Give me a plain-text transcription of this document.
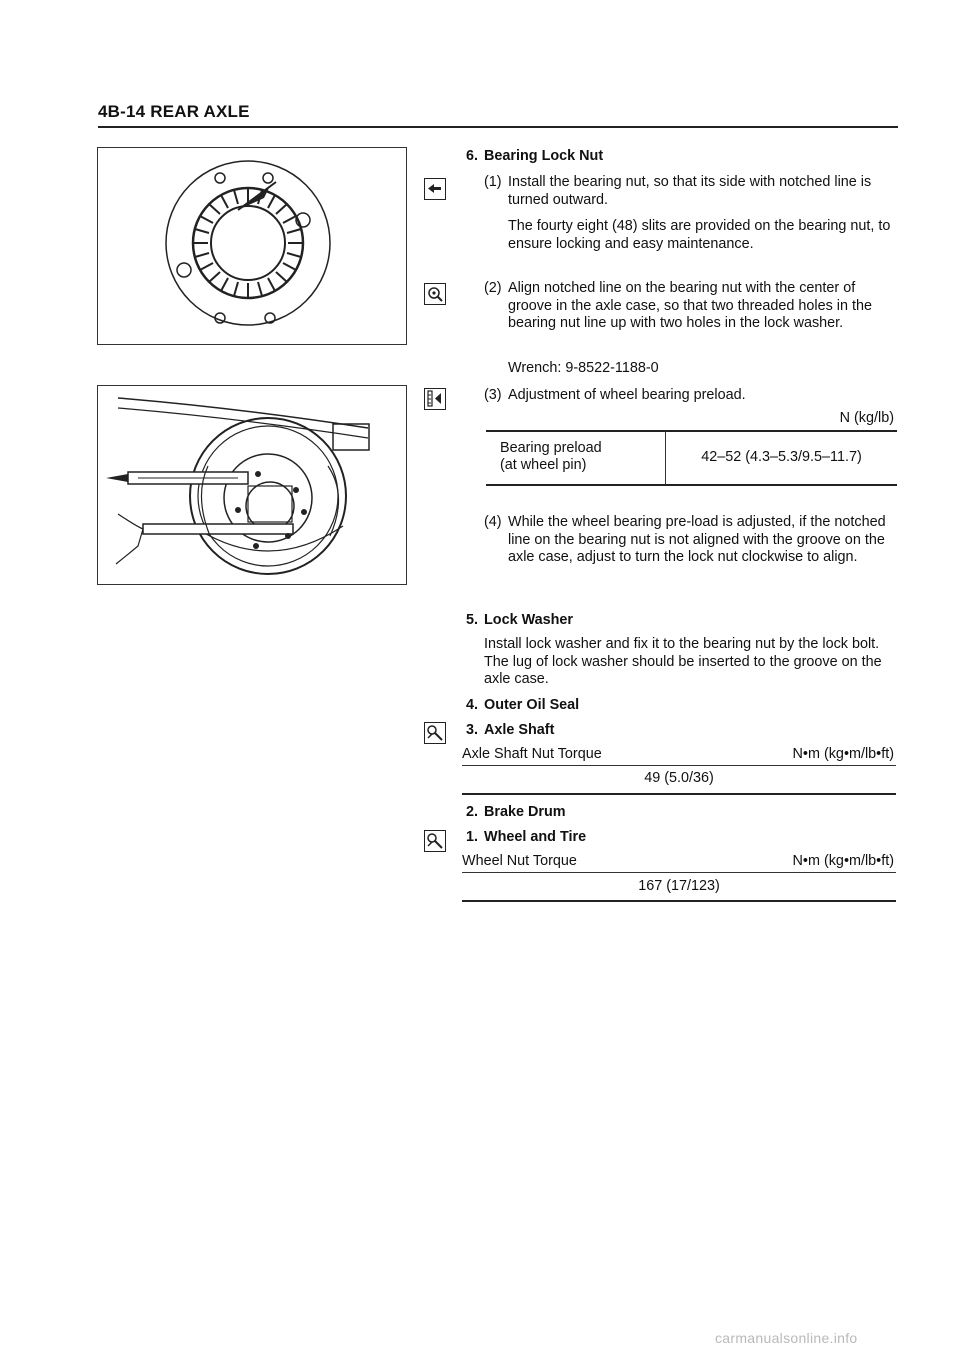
4B-14 REAR AXLE
6. Bearing Lock Nut
(1) Install the bearing nut, so that its side with notched line is turned outward.
The fourty eight (48) slits are provided on the bearing nut, to ensure locking and easy maintenance.
(2) Align notched line on the bearing nut with the center of groove in the axle case, so that two threaded holes in the bearing nut line up with two holes in the lock washer.
Wrench: 9-8522-1188-0
(3) Adjustment of wheel bearing preload.
N (kg/lb)
Bearing preload
(at wheel pin)	42–52 (4.3–5.3/9.5–11.7)
(4) While the wheel bearing pre-load is adjusted, if the notched line on the bearing nut is not aligned with the groove on the axle case, adjust to turn the lock nut clockwise to align.
5. Lock Washer
Install lock washer and fix it to the bearing nut by the lock bolt. The lug of lock washer should be inserted to the groove on the axle case.
4. Outer Oil Seal
3. Axle Shaft
Axle Shaft Nut Torque	N•m (kg•m/lb•ft)
49 (5.0/36)
2. Brake Drum
1. Wheel and Tire
Wheel Nut Torque	N•m (kg•m/lb•ft)
167 (17/123)
carmanualsonline.info
